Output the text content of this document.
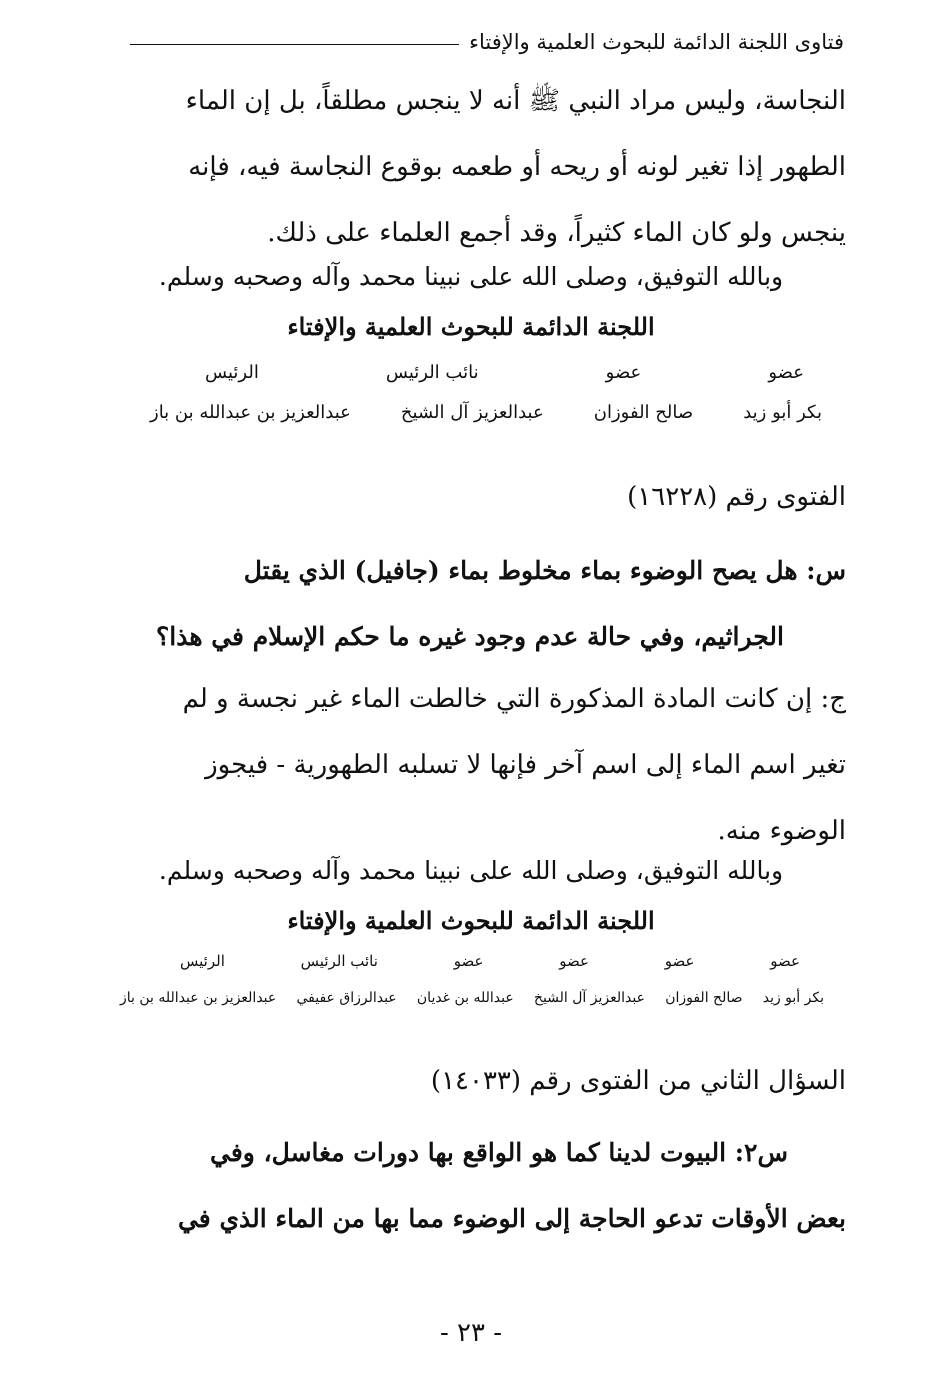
فتاوى اللجنة الدائمة للبحوث العلمية والإفتاء
النجاسة، وليس مراد النبي ﷺ أنه لا ينجس مطلقاً، بل إن الماء
الطهور إذا تغير لونه أو ريحه أو طعمه بوقوع النجاسة فيه، فإنه
ينجس ولو كان الماء كثيراً، وقد أجمع العلماء على ذلك.
وبالله التوفيق، وصلى الله على نبينا محمد وآله وصحبه وسلم.
اللجنة الدائمة للبحوث العلمية والإفتاء
عضو
عضو
نائب الرئيس
الرئيس
بكر أبو زيد
صالح الفوزان
عبدالعزيز آل الشيخ
عبدالعزيز بن عبدالله بن باز
الفتوى رقم (١٦٢٢٨)
س: هل يصح الوضوء بماء مخلوط بماء (جافيل) الذي يقتل
الجراثيم، وفي حالة عدم وجود غيره ما حكم الإسلام في هذا؟
ج: إن كانت المادة المذكورة التي خالطت الماء غير نجسة و لم
تغير اسم الماء إلى اسم آخر فإنها لا تسلبه الطهورية - فيجوز
الوضوء منه.
وبالله التوفيق، وصلى الله على نبينا محمد وآله وصحبه وسلم.
اللجنة الدائمة للبحوث العلمية والإفتاء
عضو
عضو
عضو
عضو
نائب الرئيس
الرئيس
بكر أبو زيد
صالح الفوزان
عبدالعزيز آل الشيخ
عبدالله بن غديان
عبدالرزاق عفيفي
عبدالعزيز بن عبدالله بن باز
السؤال الثاني من الفتوى رقم (١٤٠٣٣)
س٢: البيوت لدينا كما هو الواقع بها دورات مغاسل، وفي
بعض الأوقات تدعو الحاجة إلى الوضوء مما بها من الماء الذي في
- ٢٣ -
